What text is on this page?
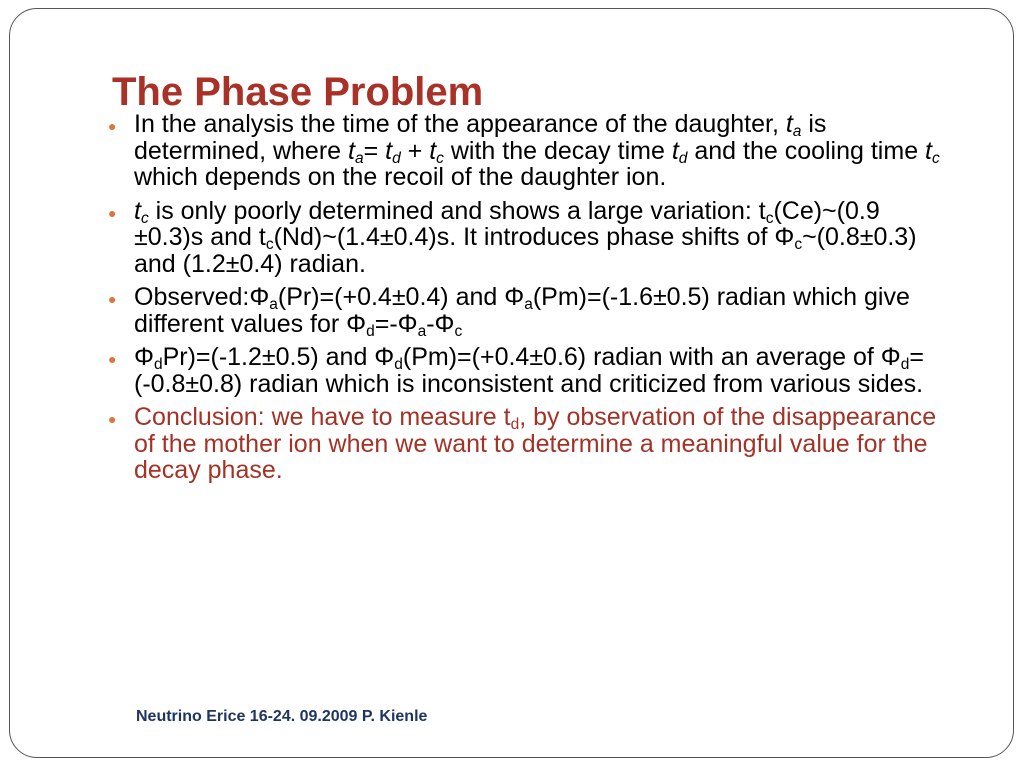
The Phase Problem
● In the analysis the time of the appearance of the daughter, $t_a$ is determined, where $t_a= t_d + t_c$ with the decay time $t_d$ and the cooling time $t_c$ which depends on the recoil of the daughter ion.
● $t_c$ is only poorly determined and shows a large variation: $t_c(Ce)\sim(0.9 \pm 0.3)s$ and $t_c(Nd)\sim(1.4\pm 0.4)s$. It introduces phase shifts of $\Phi_c\sim(0.8\pm 0.3)$ and (1.2±0.4) radian.
● $Observed:\Phi_a(Pr)=(+0.4\pm 0.4)$ and $\Phi_a(Pm)=(-1.6\pm 0.5)$ radian which give different values for $\Phi_d=-\Phi_a-\Phi_c$
● $\Phi_dPr)=(-1.2\pm 0.5)$ and $\Phi_d(Pm)=(+0.4\pm 0.6)$ radian with an average of $\Phi_d=(-0.8\pm 0.8)$ radian which is inconsistent and criticized from various sides.
● Conclusion: we have to measure $t_d$, by observation of the disappearance of the mother ion when we want to determine a meaningful value for the decay phase.
Neutrino Erice 16-24. 09.2009 P. Kienle
